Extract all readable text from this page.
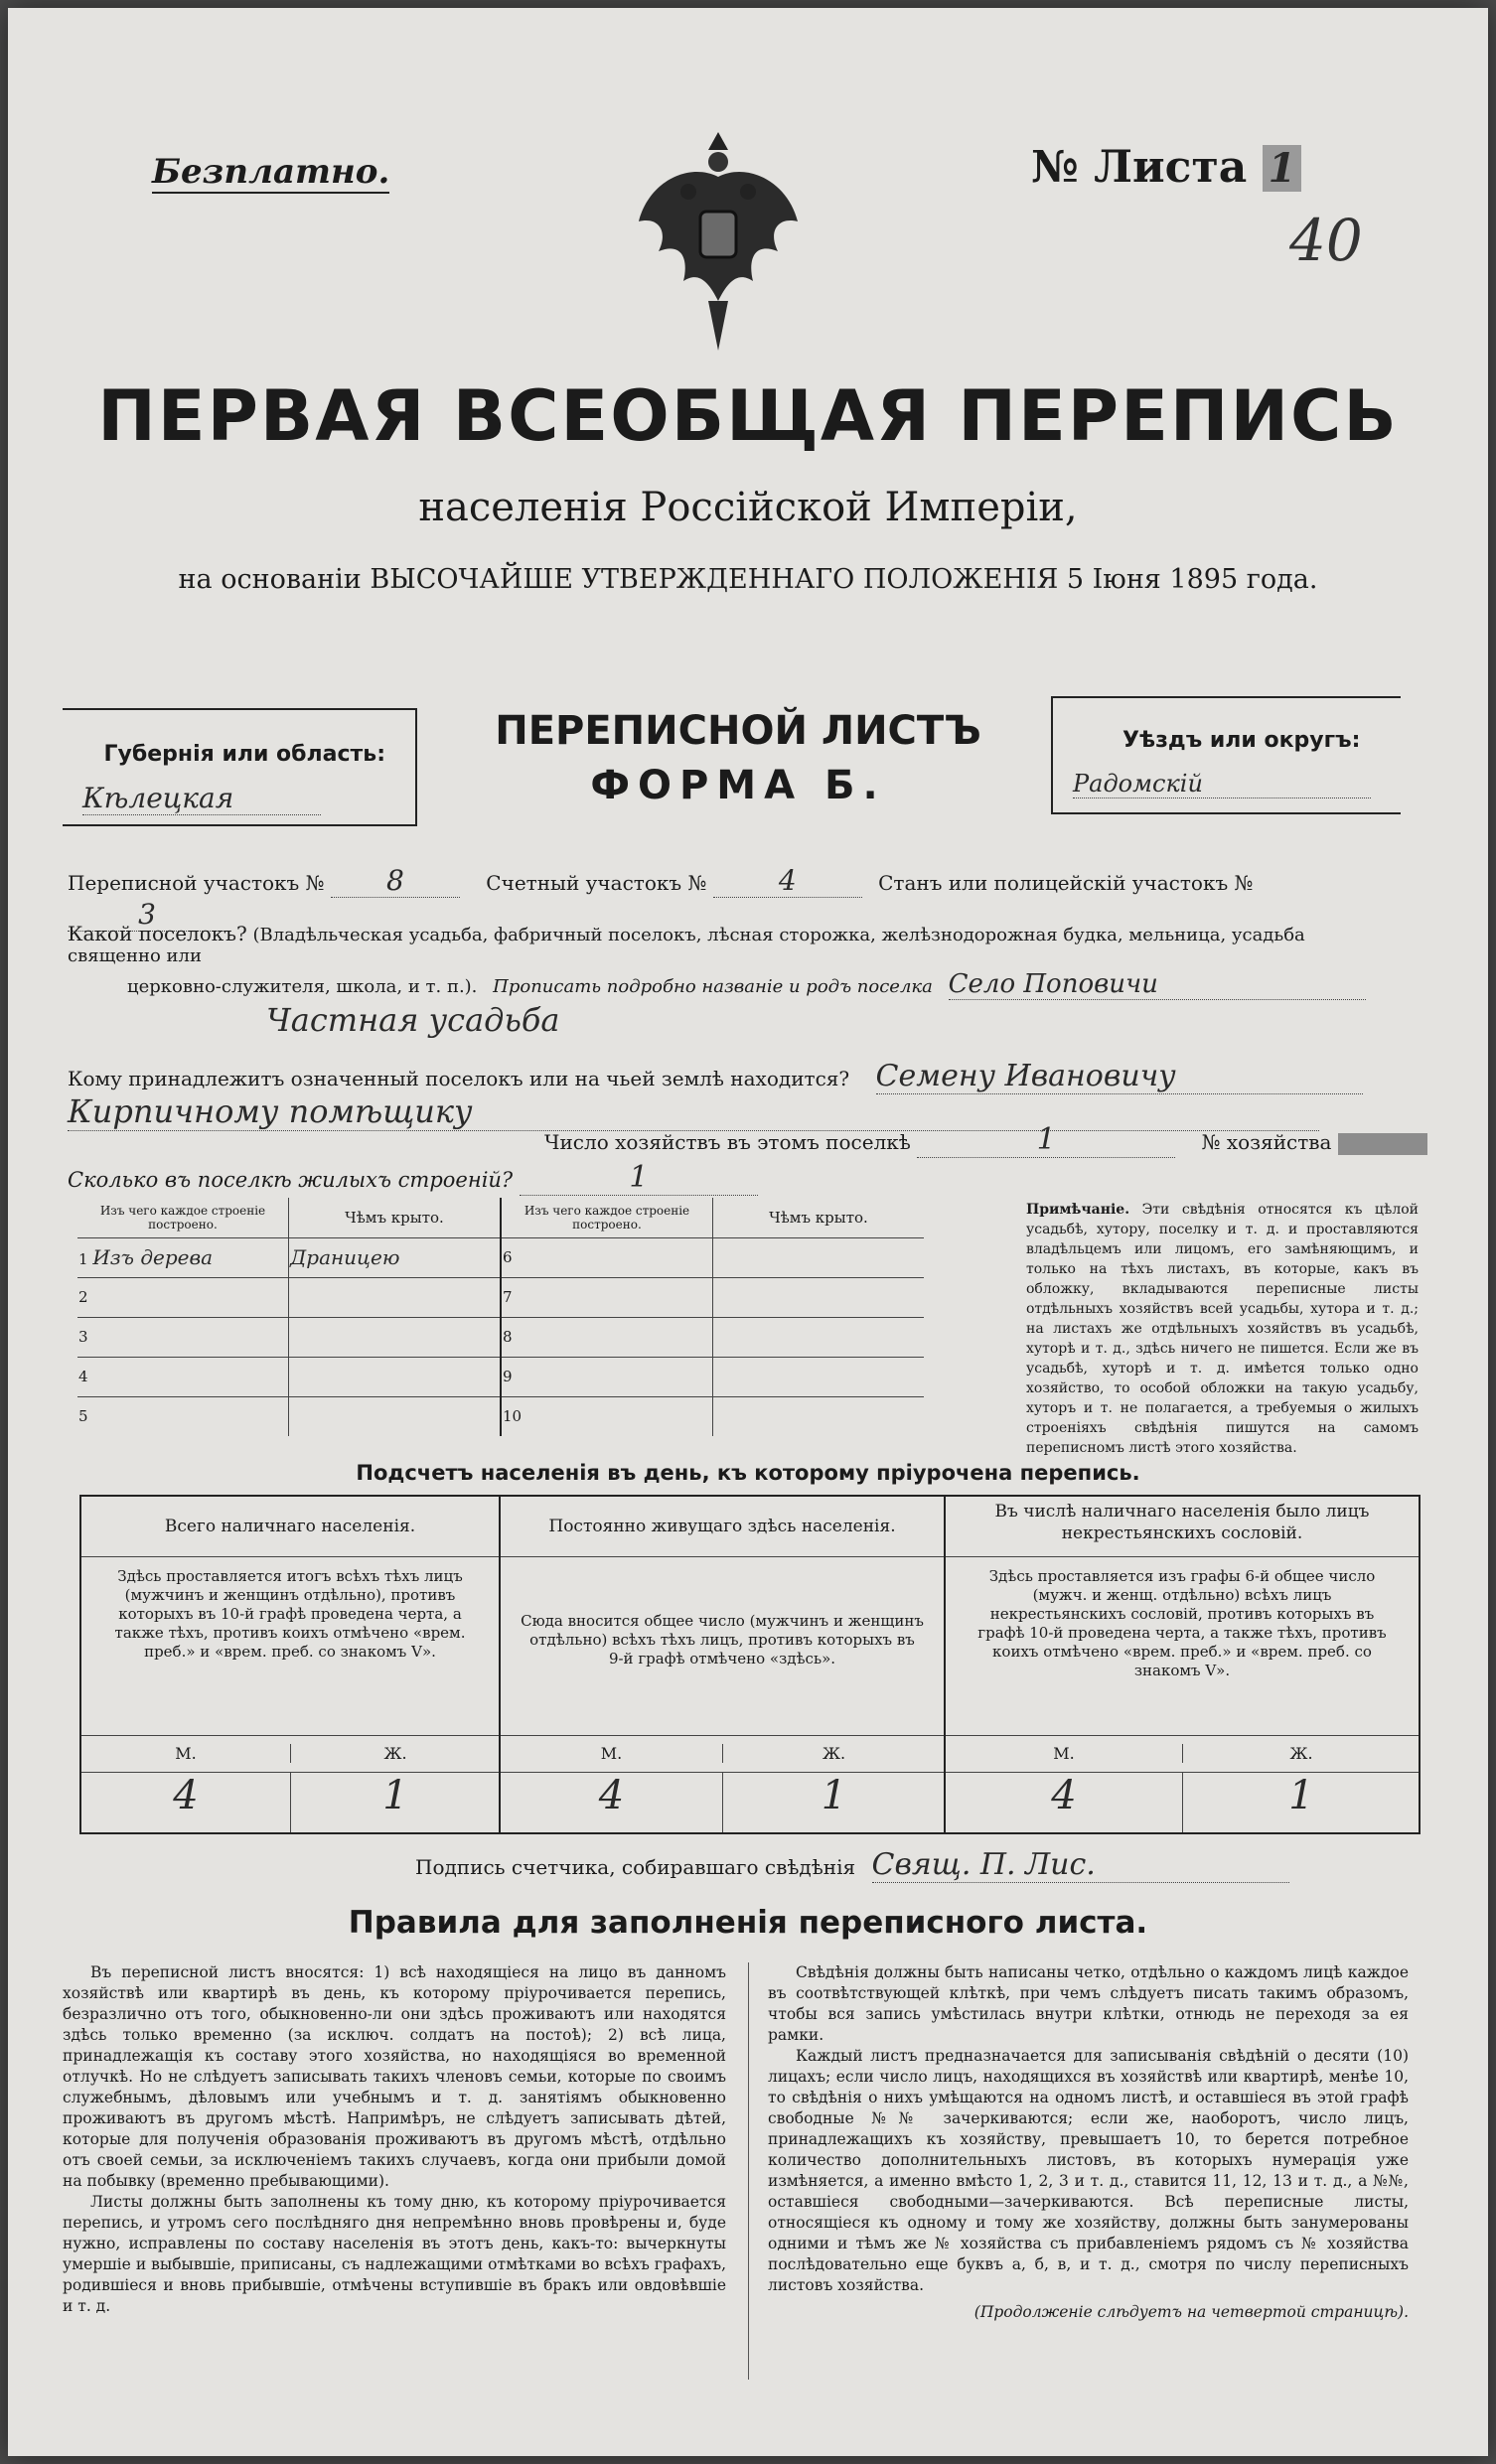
Безплатно.	№ Листа 1
40
ПЕРВАЯ ВСЕОБЩАЯ ПЕРЕПИСЬ
населенія Россійской Имперіи,
на основаніи ВЫСОЧАЙШЕ УТВЕРЖДЕННАГО ПОЛОЖЕНІЯ 5 Іюня 1895 года.
Губернія или область:
Кѣлецкая
ПЕРЕПИСНОЙ ЛИСТЪ
ФОРМА Б.
Уѣздъ или округъ:
Радомскій
Переписной участокъ № 8	Счетный участокъ №	4	Станъ или полицейскій участокъ № 3
Какой поселокъ? (Владѣльческая усадьба, фабричный поселокъ, лѣсная сторожка, желѣзнодорожная будка, мельница, усадьба священно или
церковно-служителя, школа, и т. п.). Прописать подробно названіе и родъ поселка Село Поповичи
Частная усадьба
Кому принадлежитъ означенный поселокъ или на чьей землѣ находится? Семену Ивановичу
Кирпичному помѣщику
Число хозяйствъ въ этомъ поселкѣ	1	№ хозяйства
Сколько въ поселкѣ жилыхъ строеній?	1
Изъ чего каждое строеніе построено.	Чѣмъ крыто.	Изъ чего каждое строеніе построено.	Чѣмъ крыто.
1 Изъ дерева	Драницею	6	
2		7	
3		8	
4		9	
5		10	
Примѣчаніе. Эти свѣдѣнія относятся къ цѣлой усадьбѣ, хутору, поселку и т. д. и проставляются владѣльцемъ или лицомъ, его замѣняющимъ, и только на тѣхъ листахъ, въ которые, какъ въ обложку, вкладываются переписные листы отдѣльныхъ хозяйствъ всей усадьбы, хутора и т. д.; на листахъ же отдѣльныхъ хозяйствъ въ усадьбѣ, хуторѣ и т. д., здѣсь ничего не пишется. Если же въ усадьбѣ, хуторѣ и т. д. имѣется только одно хозяйство, то особой обложки на такую усадьбу, хуторъ и т. не полагается, а требуемыя о жилыхъ строеніяхъ свѣдѣнія пишутся на самомъ переписномъ листѣ этого хозяйства.
Подсчетъ населенія въ день, къ которому пріурочена перепись.
Всего наличнаго населенія.
Здѣсь проставляется итогъ всѣхъ тѣхъ лицъ (мужчинъ и женщинъ отдѣльно), противъ которыхъ въ 10-й графѣ проведена черта, а также тѣхъ, противъ коихъ отмѣчено «врем. преб.» и «врем. преб. со знакомъ V».
М.	Ж.
4	1
Постоянно живущаго здѣсь населенія.
Сюда вносится общее число (мужчинъ и женщинъ отдѣльно) всѣхъ тѣхъ лицъ, противъ которыхъ въ 9-й графѣ отмѣчено «здѣсь».
М.	Ж.
4	1
Въ числѣ наличнаго населенія было лицъ некрестьянскихъ сословій.
Здѣсь проставляется изъ графы 6-й общее число (мужч. и женщ. отдѣльно) всѣхъ лицъ некрестьянскихъ сословій, противъ которыхъ въ графѣ 10-й проведена черта, а также тѣхъ, противъ коихъ отмѣчено «врем. преб.» и «врем. преб. со знакомъ V».
М.	Ж.
4	1
Подпись счетчика, собиравшаго свѣдѣнія Свящ. П. Лис.
Правила для заполненія переписного листа.

Въ переписной листъ вносятся: 1) всѣ находящіеся на лицо въ данномъ хозяйствѣ или квартирѣ въ день, къ которому пріурочивается перепись, безразлично отъ того, обыкновенно-ли они здѣсь проживаютъ или находятся здѣсь только временно (за исключ. солдатъ на постоѣ); 2) всѣ лица, принадлежащія къ составу этого хозяйства, но находящіяся во временной отлучкѣ. Но не слѣдуетъ записывать такихъ членовъ семьи, которые по своимъ служебнымъ, дѣловымъ или учебнымъ и т. д. занятіямъ обыкновенно проживаютъ въ другомъ мѣстѣ. Напримѣръ, не слѣдуетъ записывать дѣтей, которые для полученія образованія проживаютъ въ другомъ мѣстѣ, отдѣльно отъ своей семьи, за исключеніемъ такихъ случаевъ, когда они прибыли домой на побывку (временно пребывающими).

Листы должны быть заполнены къ тому дню, къ которому пріурочивается перепись, и утромъ сего послѣдняго дня непремѣнно вновь провѣрены и, буде нужно, исправлены по составу населенія въ этотъ день, какъ-то: вычеркнуты умершіе и выбывшіе, приписаны, съ надлежащими отмѣтками во всѣхъ графахъ, родившіеся и вновь прибывшіе, отмѣчены вступившіе въ бракъ или овдовѣвшіе и т. д.

Свѣдѣнія должны быть написаны четко, отдѣльно о каждомъ лицѣ каждое въ соотвѣтствующей клѣткѣ, при чемъ слѣдуетъ писать такимъ образомъ, чтобы вся запись умѣстилась внутри клѣтки, отнюдь не переходя за ея рамки.

Каждый листъ предназначается для записыванія свѣдѣній о десяти (10) лицахъ; если число лицъ, находящихся въ хозяйствѣ или квартирѣ, менѣе 10, то свѣдѣнія о нихъ умѣщаются на одномъ листѣ, и оставшіеся въ этой графѣ свободные №№ зачеркиваются; если же, наоборотъ, число лицъ, принадлежащихъ къ хозяйству, превышаетъ 10, то берется потребное количество дополнительныхъ листовъ, въ которыхъ нумерація уже измѣняется, а именно вмѣсто 1, 2, 3 и т. д., ставится 11, 12, 13 и т. д., а №№, оставшіеся свободными—зачеркиваются. Всѣ переписные листы, относящіеся къ одному и тому же хозяйству, должны быть занумерованы одними и тѣмъ же № хозяйства съ прибавленіемъ рядомъ съ № хозяйства послѣдовательно еще буквъ а, б, в, и т. д., смотря по числу переписныхъ листовъ хозяйства.

(Продолженіе слѣдуетъ на четвертой страницѣ).
